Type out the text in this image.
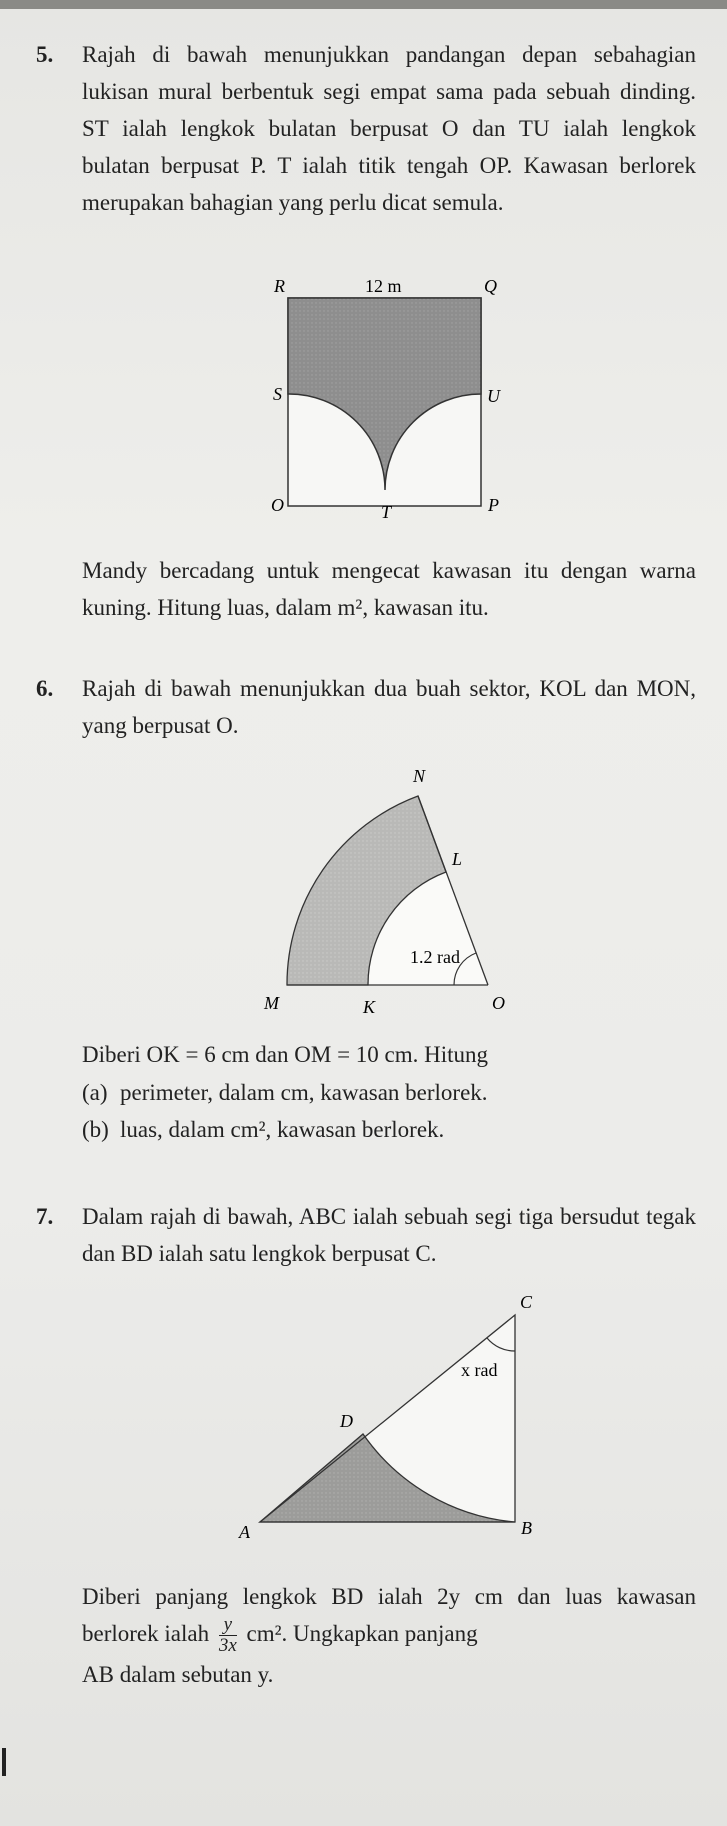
5. Rajah di bawah menunjukkan pandangan depan sebahagian lukisan mural berbentuk segi empat sama pada sebuah dinding. ST ialah lengkok bulatan berpusat O dan TU ialah lengkok bulatan berpusat P. T ialah titik tengah OP. Kawasan berlorek merupakan bahagian yang perlu dicat semula.
R	12 m	Q
S	U
O	T	P
Mandy bercadang untuk mengecat kawasan itu dengan warna kuning. Hitung luas, dalam m², kawasan itu.
6. Rajah di bawah menunjukkan dua buah sektor, KOL dan MON, yang berpusat O.
N
L
1.2 rad
M	K	O
Diberi OK = 6 cm dan OM = 10 cm. Hitung
(a) perimeter, dalam cm, kawasan berlorek.
(b) luas, dalam cm², kawasan berlorek.
7. Dalam rajah di bawah, ABC ialah sebuah segi tiga bersudut tegak dan BD ialah satu lengkok berpusat C.
C
x rad
D
A	B
Diberi panjang lengkok BD ialah 2y cm dan luas kawasan berlorek ialah $\frac{y}{3x} cm^2$. Ungkapkan panjang
AB dalam sebutan y.
